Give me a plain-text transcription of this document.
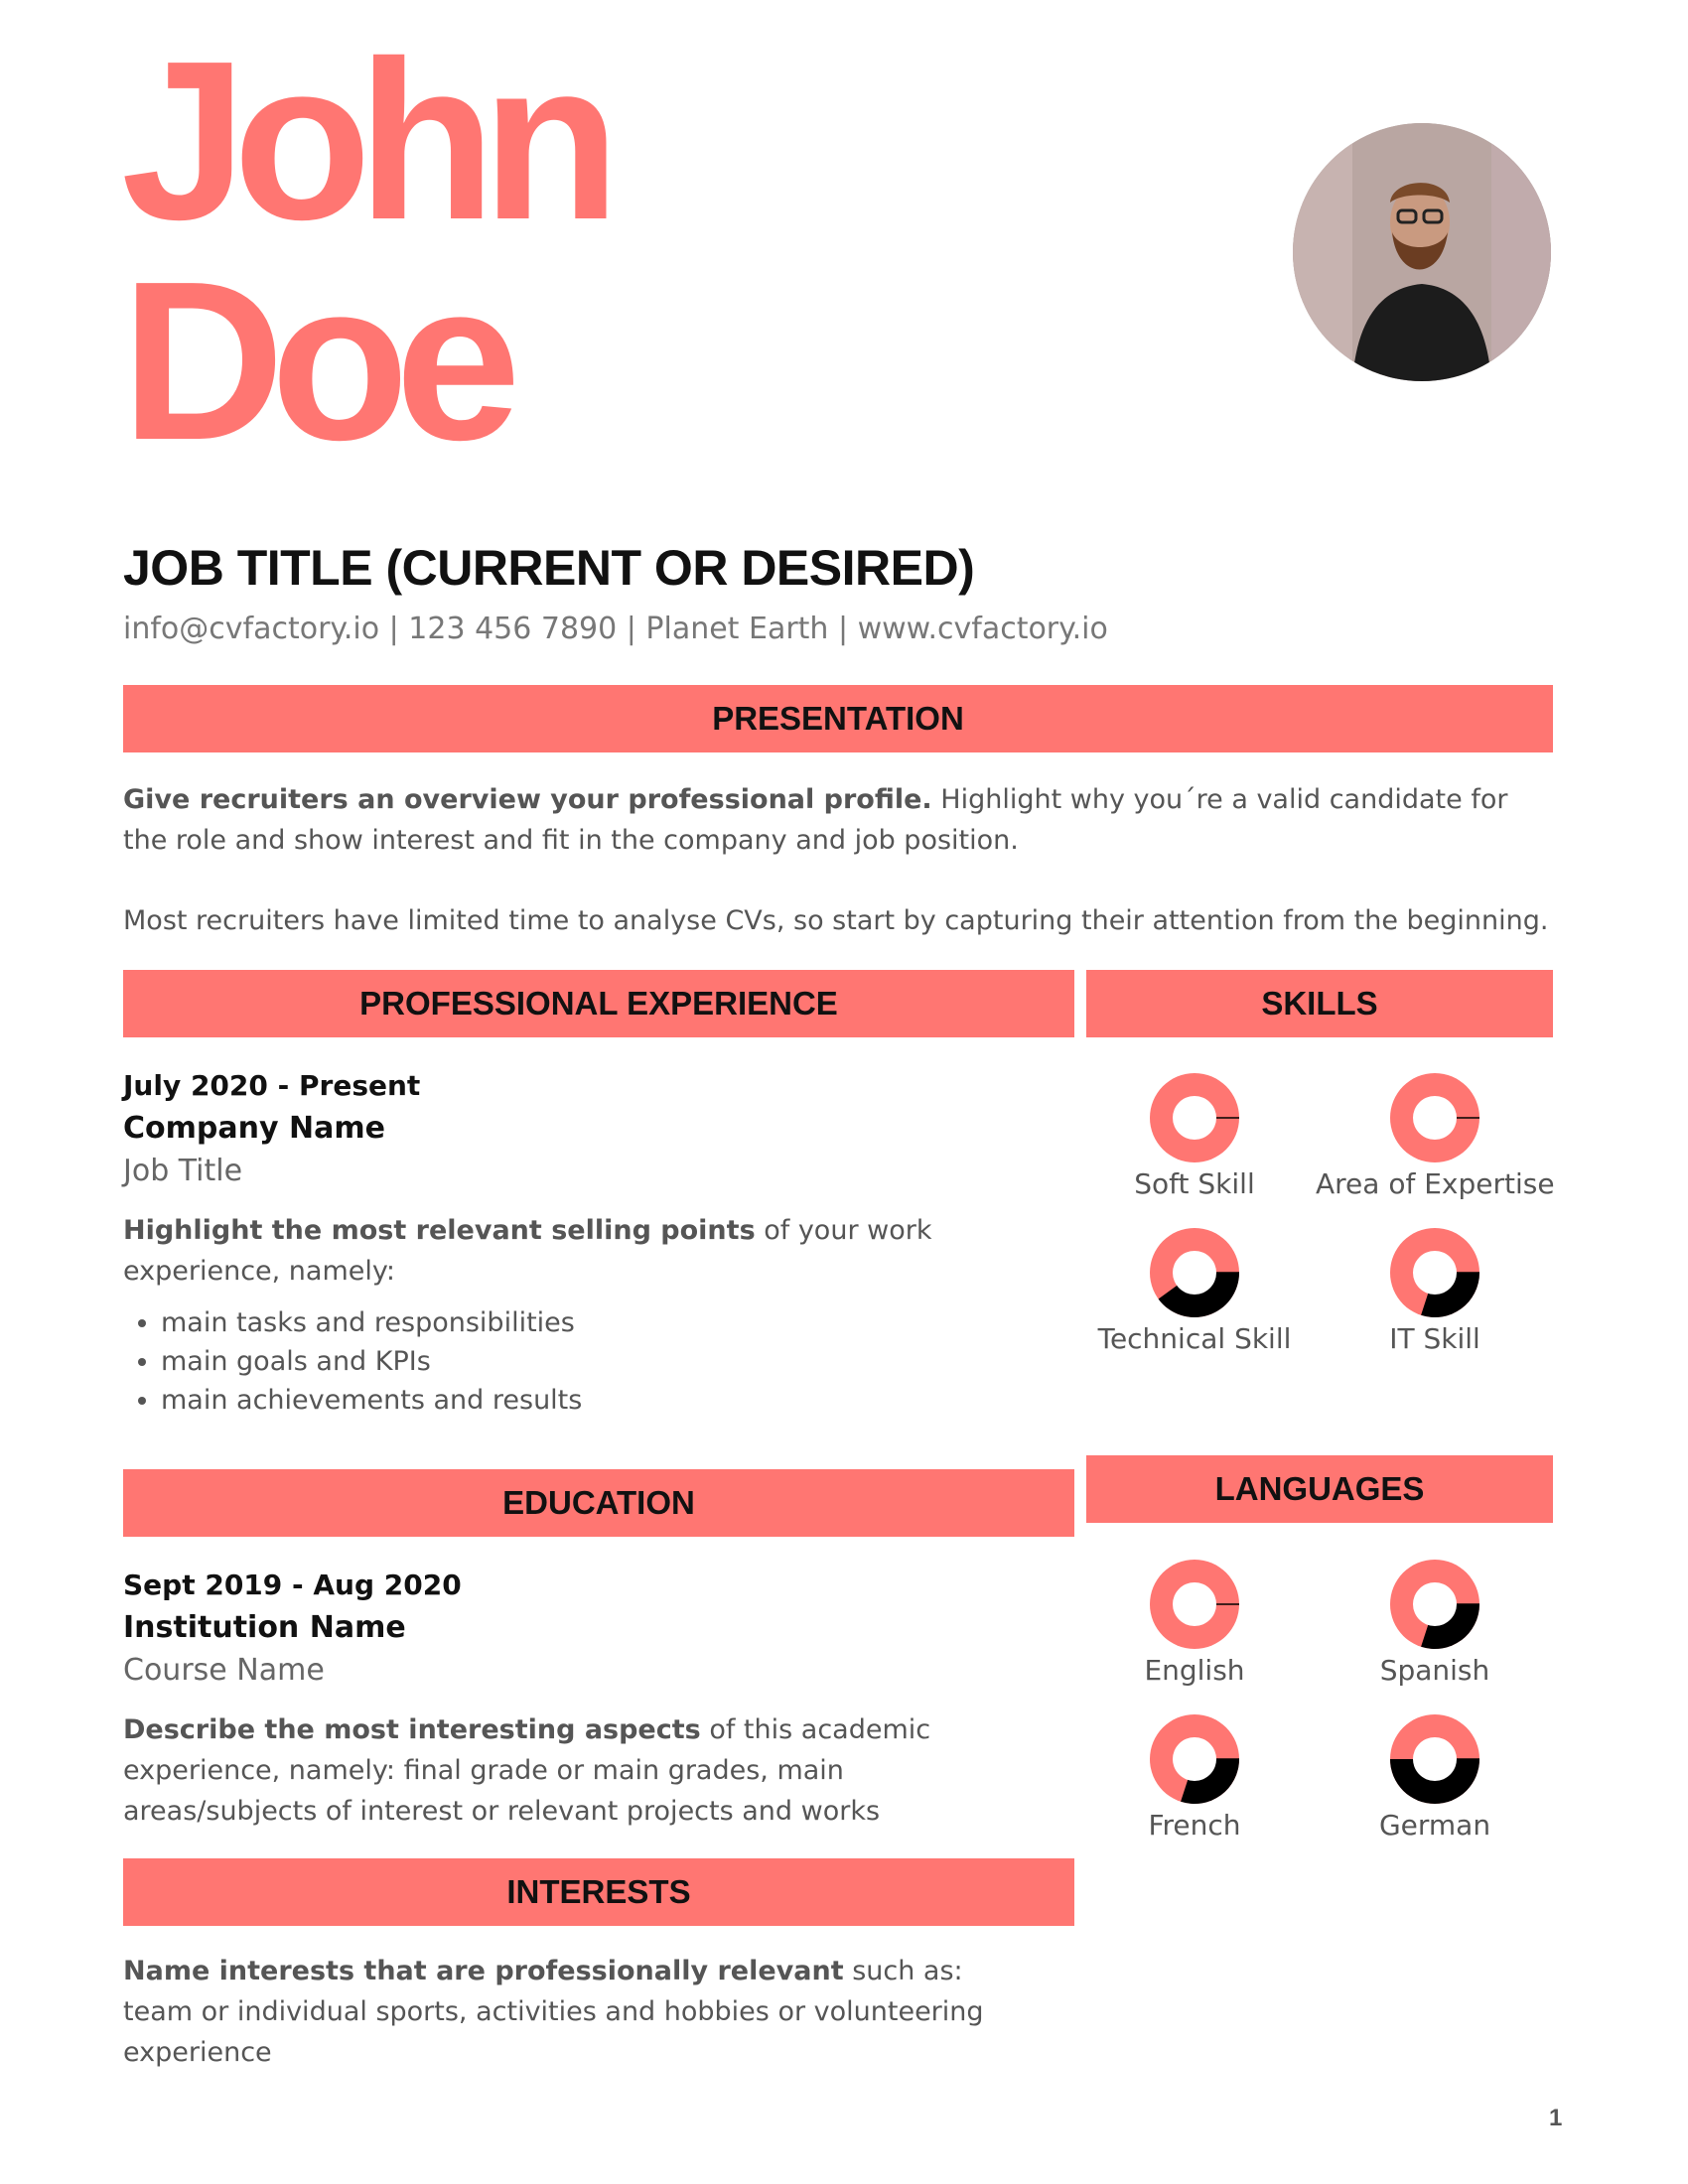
John
Doe
JOB TITLE (CURRENT OR DESIRED)
info@cvfactory.io | 123 456 7890 | Planet Earth | www.cvfactory.io
PRESENTATION

Give recruiters an overview your professional profile. Highlight why you´re a valid candidate for the role and show interest and fit in the company and job position.

Most recruiters have limited time to analyse CVs, so start by capturing their attention from the beginning.

PROFESSIONAL EXPERIENCE

July 2020 - Present

Company Name

Job Title

Highlight the most relevant selling points of your work experience, namely:

• main tasks and responsibilities
• main goals and KPIs
• main achievements and results
EDUCATION

Sept 2019 - Aug 2020

Institution Name

Course Name

Describe the most interesting aspects of this academic experience, namely: final grade or main grades, main areas/subjects of interest or relevant projects and works

INTERESTS

Name interests that are professionally relevant such as: team or individual sports, activities and hobbies or volunteering experience

SKILLS
Soft Skill	Area of Expertise
Technical Skill	IT Skill
LANGUAGES
English	Spanish
French	German
1
